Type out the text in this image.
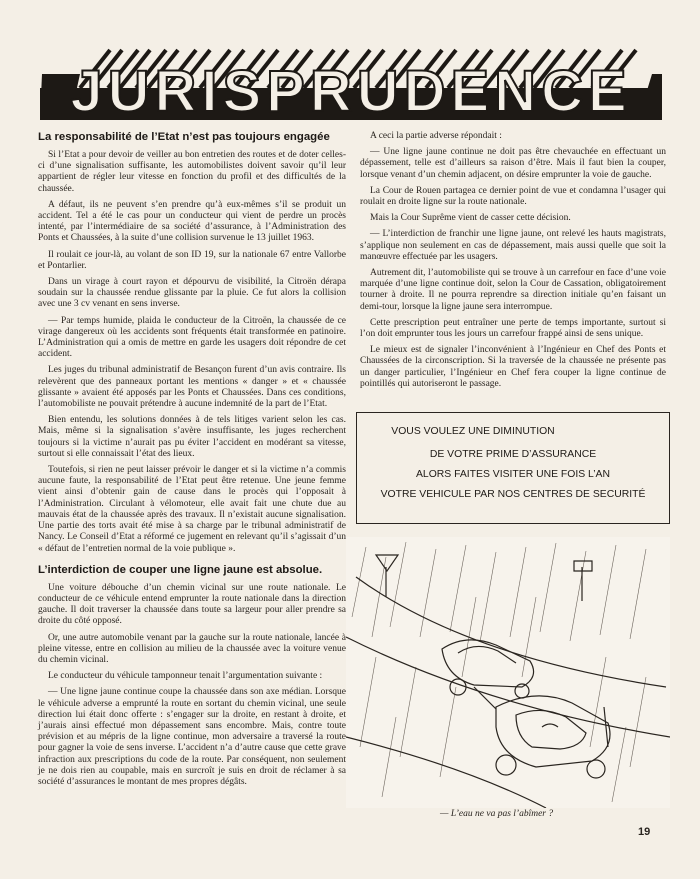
JURISPRUDENCE
La responsabilité de l’Etat n’est pas toujours engagée

Si l’Etat a pour devoir de veiller au bon entretien des routes et de doter celles-ci d’une signalisation suffisante, les automobilistes doivent savoir qu’il leur appartient de régler leur vitesse en fonction du profil et des difficultés de la chaussée.

A défaut, ils ne peuvent s’en prendre qu’à eux-mêmes s’il se produit un accident. Tel a été le cas pour un conducteur qui vient de perdre un procès intenté, par l’intermédiaire de sa société d’assurance, à l’Administration des Ponts et Chaussées, à la suite d’une collision survenue le 13 juillet 1963.

Il roulait ce jour-là, au volant de son ID 19, sur la nationale 67 entre Vallorbe et Pontarlier.

Dans un virage à court rayon et dépourvu de visibilité, la Citroën dérapa soudain sur la chaussée rendue glissante par la pluie. Ce fut alors la collision avec une 3 cv venant en sens inverse.

— Par temps humide, plaida le conducteur de la Citroën, la chaussée de ce virage dangereux où les accidents sont fréquents était transformée en patinoire. L’Administration qui a omis de mettre en garde les usagers doit répondre de cet accident.

Les juges du tribunal administratif de Besançon furent d’un avis contraire. Ils relevèrent que des panneaux portant les mentions « danger » et « chaussée glissante » avaient été apposés par les Ponts et Chaussées. Dans ces conditions, l’automobiliste ne pouvait prétendre à aucune indemnité de la part de l’Etat.

Bien entendu, les solutions données à de tels litiges varient selon les cas. Mais, même si la signalisation s’avère insuffisante, les juges recherchent toujours si la victime n’aurait pas pu éviter l’accident en modérant sa vitesse, surtout si elle connaissait l’état des lieux.

Toutefois, si rien ne peut laisser prévoir le danger et si la victime n’a commis aucune faute, la responsabilité de l’Etat peut être retenue. Une jeune femme vient ainsi d’obtenir gain de cause dans le procès qui l’opposait à l’Administration. Circulant à vélomoteur, elle avait fait une chute due au mauvais état de la chaussée après des travaux. Il n’existait aucune signalisation. Une partie des torts avait été mise à sa charge par le tribunal administratif de Nancy. Le Conseil d’Etat a réformé ce jugement en relevant qu’il s’agissait d’un « défaut de l’entretien normal de la voie publique ».

L’interdiction de couper une ligne jaune est absolue.

Une voiture débouche d’un chemin vicinal sur une route nationale. Le conducteur de ce véhicule entend emprunter la route nationale dans la direction gauche. Il doit traverser la chaussée dans toute sa largeur pour aller prendre sa droite du côté opposé.

Or, une autre automobile venant par la gauche sur la route nationale, lancée à pleine vitesse, entre en collision au milieu de la chaussée avec la voiture venue du chemin vicinal.

Le conducteur du véhicule tamponneur tenait l’argumentation suivante :

— Une ligne jaune continue coupe la chaussée dans son axe médian. Lorsque le véhicule adverse a emprunté la route en sortant du chemin vicinal, une seule direction lui était donc offerte : s’engager sur la droite, en restant à droite, et j’aurais ainsi effectué mon dépassement sans encombre. Mais, contre toute prévision et au mépris de la ligne continue, mon adversaire a traversé la route pour gagner la voie de sens inverse. L’accident n’a d’autre cause que cette grave infraction aux prescriptions du code de la route. Par conséquent, non seulement je ne dois rien au coupable, mais en surcroît je suis en droit de réclamer à sa société d’assurances le montant de mes propres dégâts.

A ceci la partie adverse répondait :

— Une ligne jaune continue ne doit pas être chevauchée en effectuant un dépassement, telle est d’ailleurs sa raison d’être. Mais il faut bien la couper, lorsque venant d’un chemin adjacent, on désire emprunter la voie de gauche.

La Cour de Rouen partagea ce dernier point de vue et condamna l’usager qui roulait en droite ligne sur la route nationale.

Mais la Cour Suprême vient de casser cette décision.

— L’interdiction de franchir une ligne jaune, ont relevé les hauts magistrats, s’applique non seulement en cas de dépassement, mais aussi quelle que soit la manœuvre effectuée par les usagers.

Autrement dit, l’automobiliste qui se trouve à un carrefour en face d’une voie marquée d’une ligne continue doit, selon la Cour de Cassation, obligatoirement tourner à droite. Il ne pourra reprendre sa direction initiale qu’en faisant un demi-tour, lorsque la ligne jaune sera interrompue.

Cette prescription peut entraîner une perte de temps importante, surtout si l’on doit emprunter tous les jours un carrefour frappé ainsi de sens unique.

Le mieux est de signaler l’inconvénient à l’Ingénieur en Chef des Ponts et Chaussées de la circonscription. Si la traversée de la chaussée ne présente pas un danger particulier, l’Ingénieur en Chef fera couper la ligne continue de pointillés qui autoriseront le passage.

VOUS VOULEZ UNE DIMINUTION
DE VOTRE PRIME D’ASSURANCE
ALORS FAITES VISITER UNE FOIS L’AN
VOTRE VEHICULE PAR NOS CENTRES DE SECURITÉ
— L’eau ne va pas l’abîmer ?
19
